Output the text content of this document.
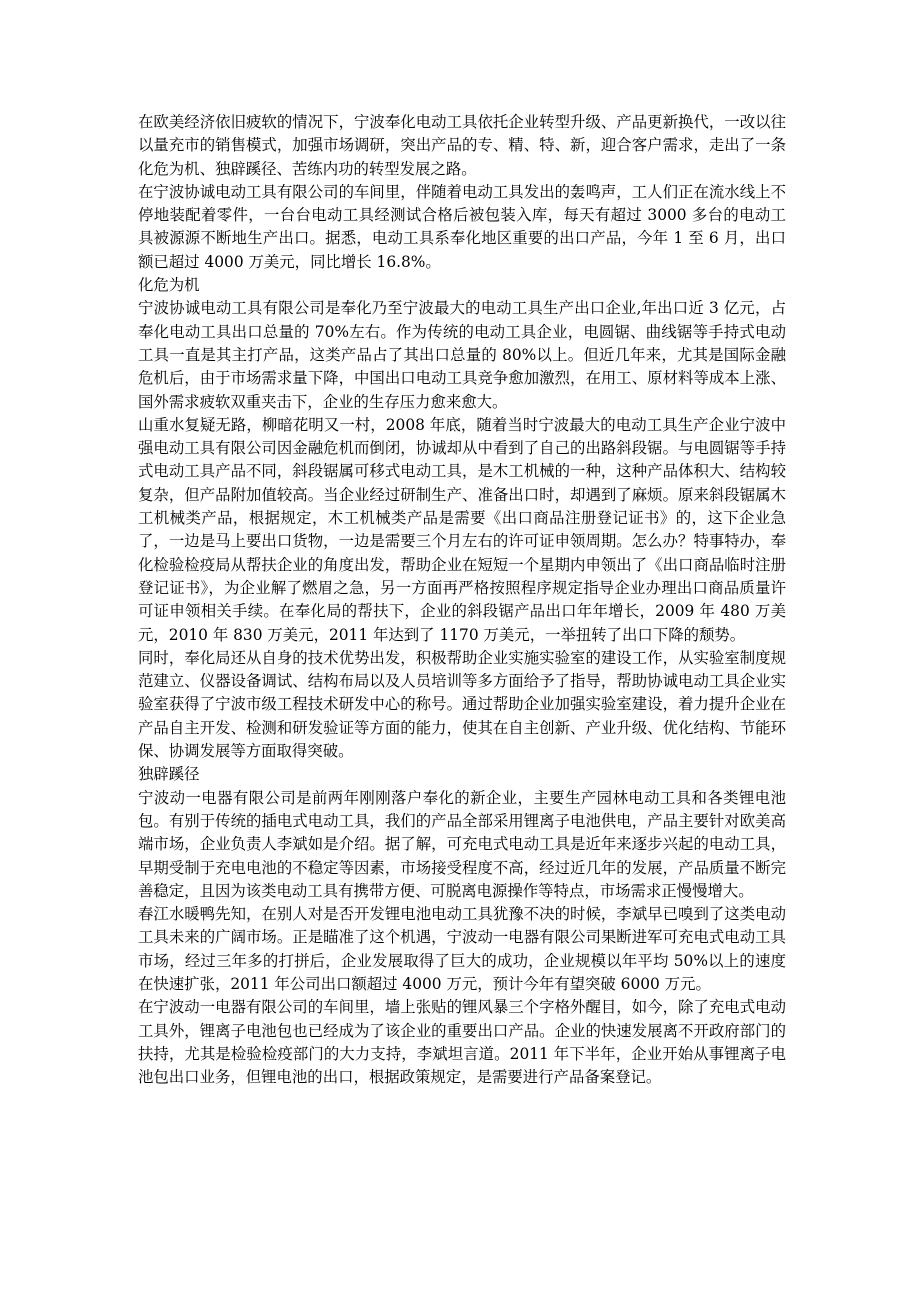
在欧美经济依旧疲软的情况下，宁波奉化电动工具依托企业转型升级、产品更新换代，一改以往以量充市的销售模式，加强市场调研，突出产品的专、精、特、新，迎合客户需求，走出了一条化危为机、独辟蹊径、苦练内功的转型发展之路。

在宁波协诚电动工具有限公司的车间里，伴随着电动工具发出的轰鸣声，工人们正在流水线上不停地装配着零件，一台台电动工具经测试合格后被包装入库，每天有超过 3000 多台的电动工具被源源不断地生产出口。据悉，电动工具系奉化地区重要的出口产品，今年 1 至 6 月，出口额已超过 4000 万美元，同比增长 16.8%。

化危为机

宁波协诚电动工具有限公司是奉化乃至宁波最大的电动工具生产出口企业,年出口近 3 亿元，占奉化电动工具出口总量的 70%左右。作为传统的电动工具企业，电圆锯、曲线锯等手持式电动工具一直是其主打产品，这类产品占了其出口总量的 80%以上。但近几年来，尤其是国际金融危机后，由于市场需求量下降，中国出口电动工具竞争愈加激烈，在用工、原材料等成本上涨、国外需求疲软双重夹击下，企业的生存压力愈来愈大。

山重水复疑无路，柳暗花明又一村，2008 年底，随着当时宁波最大的电动工具生产企业宁波中强电动工具有限公司因金融危机而倒闭，协诚却从中看到了自己的出路斜段锯。与电圆锯等手持式电动工具产品不同，斜段锯属可移式电动工具，是木工机械的一种，这种产品体积大、结构较复杂，但产品附加值较高。当企业经过研制生产、准备出口时，却遇到了麻烦。原来斜段锯属木工机械类产品，根据规定，木工机械类产品是需要《出口商品注册登记证书》的，这下企业急了，一边是马上要出口货物，一边是需要三个月左右的许可证申领周期。怎么办？特事特办，奉化检验检疫局从帮扶企业的角度出发，帮助企业在短短一个星期内申领出了《出口商品临时注册登记证书》，为企业解了燃眉之急，另一方面再严格按照程序规定指导企业办理出口商品质量许可证申领相关手续。在奉化局的帮扶下，企业的斜段锯产品出口年年增长，2009 年 480 万美元，2010 年 830 万美元，2011 年达到了 1170 万美元，一举扭转了出口下降的颓势。

同时，奉化局还从自身的技术优势出发，积极帮助企业实施实验室的建设工作，从实验室制度规范建立、仪器设备调试、结构布局以及人员培训等多方面给予了指导，帮助协诚电动工具企业实验室获得了宁波市级工程技术研发中心的称号。通过帮助企业加强实验室建设，着力提升企业在产品自主开发、检测和研发验证等方面的能力，使其在自主创新、产业升级、优化结构、节能环保、协调发展等方面取得突破。

独辟蹊径

宁波动一电器有限公司是前两年刚刚落户奉化的新企业，主要生产园林电动工具和各类锂电池包。有别于传统的插电式电动工具，我们的产品全部采用锂离子电池供电，产品主要针对欧美高端市场，企业负责人李斌如是介绍。据了解，可充电式电动工具是近年来逐步兴起的电动工具，早期受制于充电电池的不稳定等因素，市场接受程度不高，经过近几年的发展，产品质量不断完善稳定，且因为该类电动工具有携带方便、可脱离电源操作等特点，市场需求正慢慢增大。

春江水暖鸭先知，在别人对是否开发锂电池电动工具犹豫不决的时候，李斌早已嗅到了这类电动工具未来的广阔市场。正是瞄准了这个机遇，宁波动一电器有限公司果断进军可充电式电动工具市场，经过三年多的打拼后，企业发展取得了巨大的成功，企业规模以年平均 50%以上的速度在快速扩张，2011 年公司出口额超过 4000 万元，预计今年有望突破 6000 万元。

在宁波动一电器有限公司的车间里，墙上张贴的锂风暴三个字格外醒目，如今，除了充电式电动工具外，锂离子电池包也已经成为了该企业的重要出口产品。企业的快速发展离不开政府部门的扶持，尤其是检验检疫部门的大力支持，李斌坦言道。2011 年下半年，企业开始从事锂离子电池包出口业务，但锂电池的出口，根据政策规定，是需要进行产品备案登记。
